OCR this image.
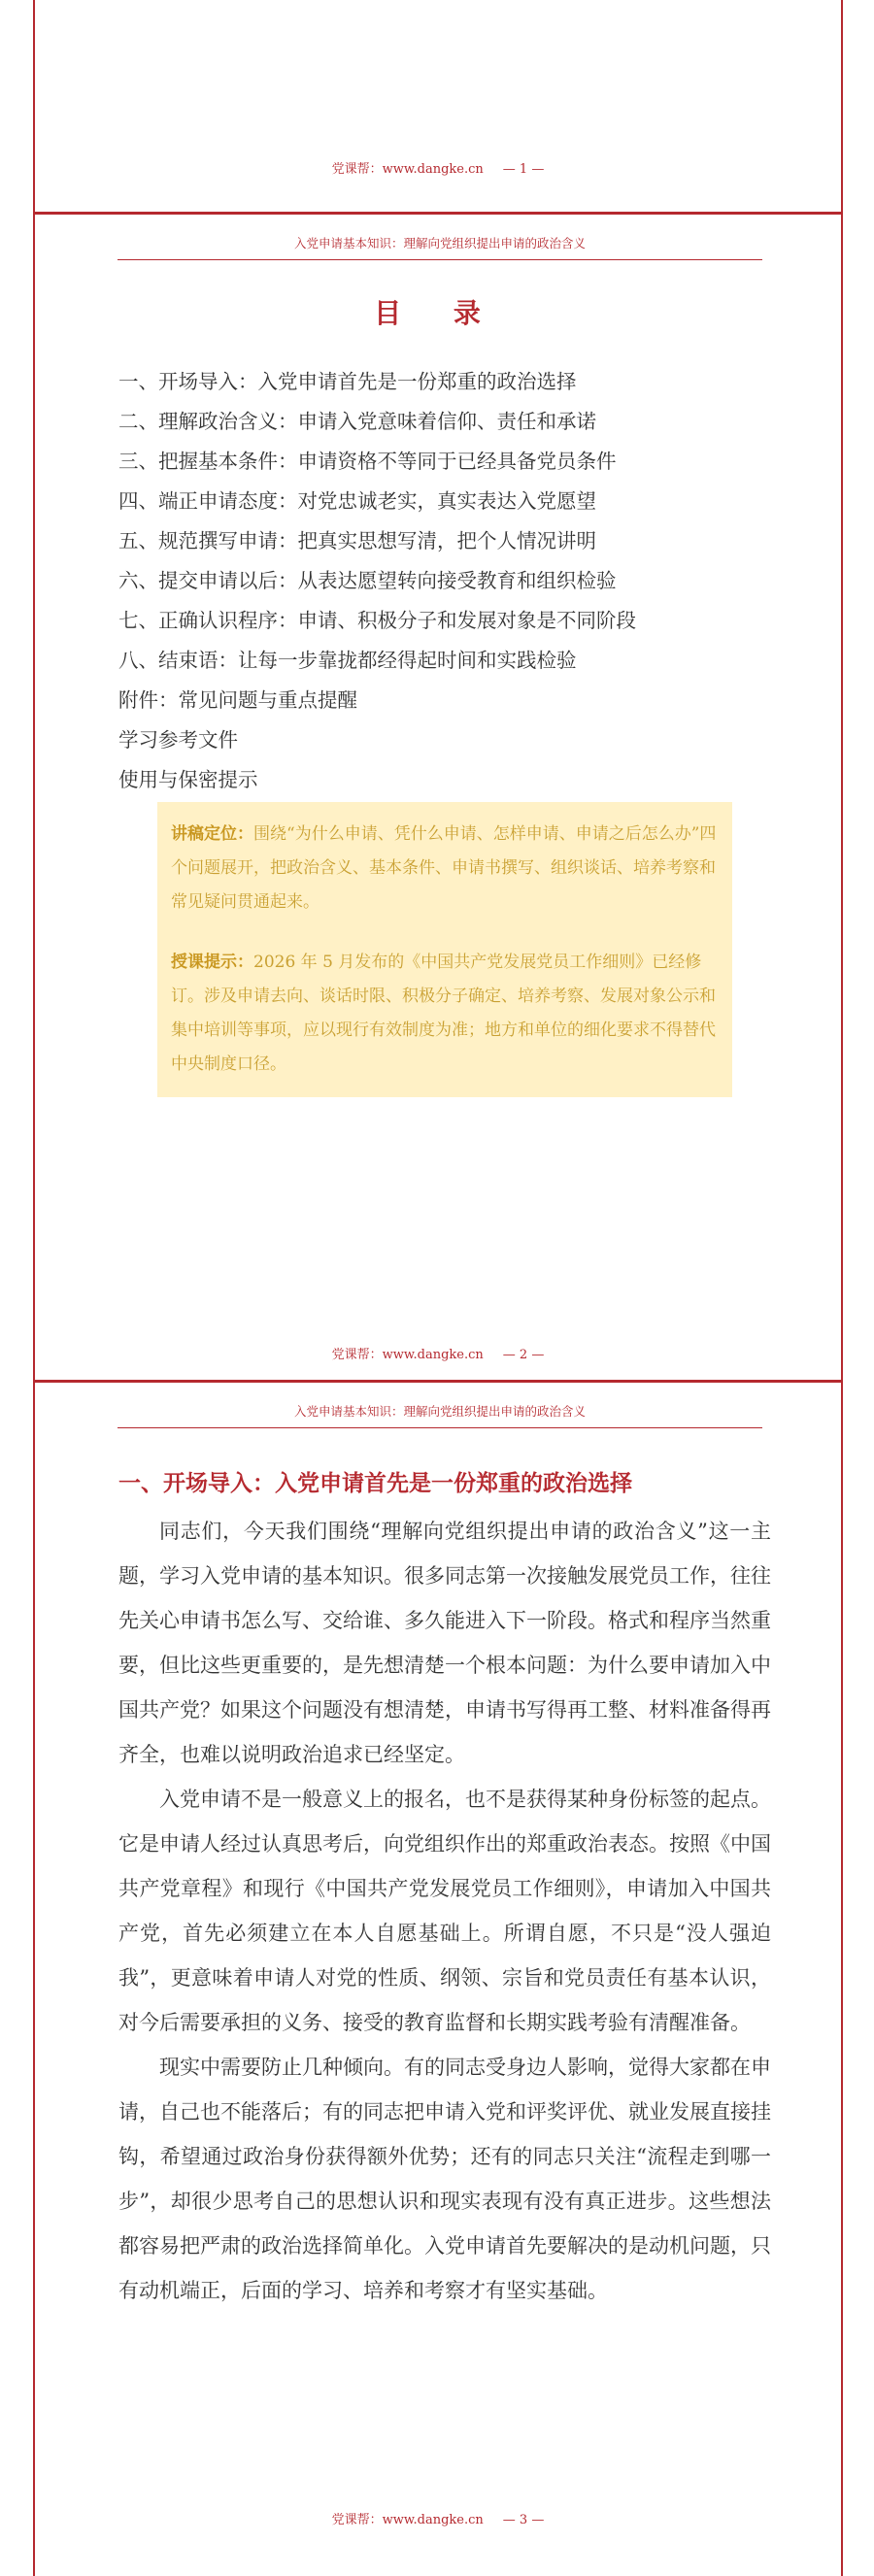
党课帮：www.dangke.cn — 1 —
入党申请基本知识：理解向党组织提出申请的政治含义
目 录
一、开场导入：入党申请首先是一份郑重的政治选择
二、理解政治含义：申请入党意味着信仰、责任和承诺
三、把握基本条件：申请资格不等同于已经具备党员条件
四、端正申请态度：对党忠诚老实，真实表达入党愿望
五、规范撰写申请：把真实思想写清，把个人情况讲明
六、提交申请以后：从表达愿望转向接受教育和组织检验
七、正确认识程序：申请、积极分子和发展对象是不同阶段
八、结束语：让每一步靠拢都经得起时间和实践检验
附件：常见问题与重点提醒
学习参考文件
使用与保密提示

讲稿定位：围绕“为什么申请、凭什么申请、怎样申请、申请之后怎么办”四个问题展开，把政治含义、基本条件、申请书撰写、组织谈话、培养考察和常见疑问贯通起来。

授课提示：2026 年 5 月发布的《中国共产党发展党员工作细则》已经修订。涉及申请去向、谈话时限、积极分子确定、培养考察、发展对象公示和集中培训等事项，应以现行有效制度为准；地方和单位的细化要求不得替代中央制度口径。

党课帮：www.dangke.cn — 2 —
入党申请基本知识：理解向党组织提出申请的政治含义
一、开场导入：入党申请首先是一份郑重的政治选择

同志们，今天我们围绕“理解向党组织提出申请的政治含义”这一主题，学习入党申请的基本知识。很多同志第一次接触发展党员工作，往往先关心申请书怎么写、交给谁、多久能进入下一阶段。格式和程序当然重要，但比这些更重要的，是先想清楚一个根本问题：为什么要申请加入中国共产党？如果这个问题没有想清楚，申请书写得再工整、材料准备得再齐全，也难以说明政治追求已经坚定。

入党申请不是一般意义上的报名，也不是获得某种身份标签的起点。它是申请人经过认真思考后，向党组织作出的郑重政治表态。按照《中国共产党章程》和现行《中国共产党发展党员工作细则》，申请加入中国共产党，首先必须建立在本人自愿基础上。所谓自愿，不只是“没人强迫我”，更意味着申请人对党的性质、纲领、宗旨和党员责任有基本认识，对今后需要承担的义务、接受的教育监督和长期实践考验有清醒准备。

现实中需要防止几种倾向。有的同志受身边人影响，觉得大家都在申请，自己也不能落后；有的同志把申请入党和评奖评优、就业发展直接挂钩，希望通过政治身份获得额外优势；还有的同志只关注“流程走到哪一步”，却很少思考自己的思想认识和现实表现有没有真正进步。这些想法都容易把严肃的政治选择简单化。入党申请首先要解决的是动机问题，只有动机端正，后面的学习、培养和考察才有坚实基础。

党课帮：www.dangke.cn — 3 —
